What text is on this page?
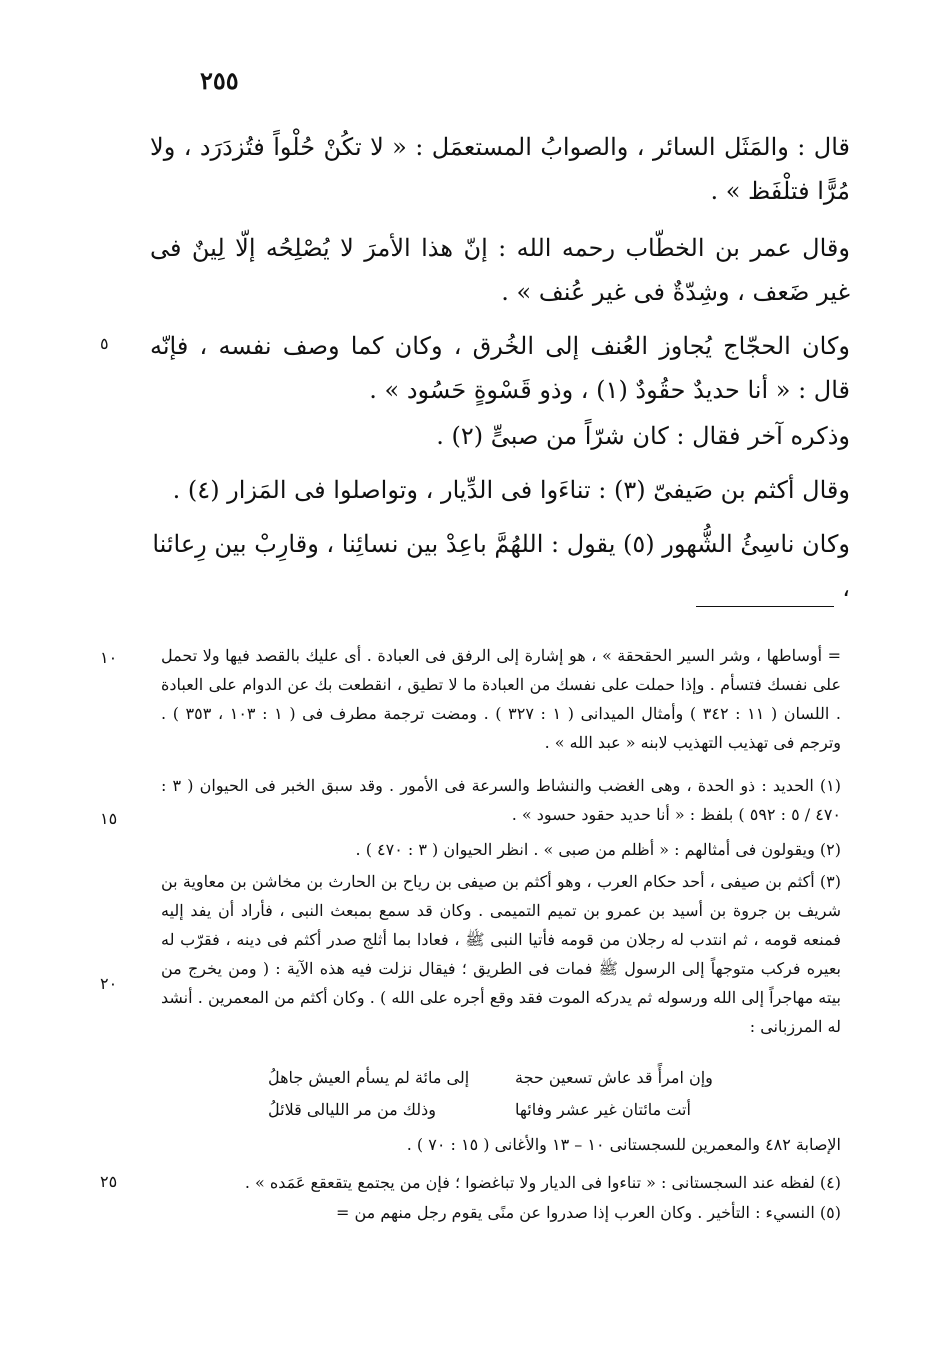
٢٥٥
قال : والمَثَل السائر ، والصوابُ المستعمَل : « لا تكُنْ حُلْواً فتُزدَرَد ، ولا مُرًّا فتلْفَظ » .
وقال عمر بن الخطّاب رحمه الله : إنّ هذا الأمرَ لا يُصْلِحُه إلّا لِينٌ فى غير ضَعف ، وشِدّةٌ فى غير عُنف » .
وكان الحجّاج يُجاوز العُنف إلى الخُرق ، وكان كما وصف نفسه ، فإنّه قال : « أنا حديدٌ حقُودٌ (١) ، وذو قَسْوةٍ حَسُود » .
وذكره آخر فقال : كان شرّاً من صبىٍّ (٢) .
وقال أكثم بن صَيفىّ (٣) : تناءَوا فى الدِّيار ، وتواصلوا فى المَزار (٤) .
وكان ناسِئُ الشُّهور (٥) يقول : اللهُمَّ باعِدْ بين نسائِنا ، وقارِبْ بين رِعائنا ،
٥
١٠
١٥
٢٠
٢٥
= أوساطها ، وشر السير الحقحقة » ، هو إشارة إلى الرفق فى العبادة . أى عليك بالقصد فيها ولا تحمل على نفسك فتسأم . وإذا حملت على نفسك من العبادة ما لا تطيق ، انقطعت بك عن الدوام على العبادة . اللسان ( ١١ : ٣٤٢ ) وأمثال الميدانى ( ١ : ٣٢٧ ) . ومضت ترجمة مطرف فى ( ١ : ١٠٣ ، ٣٥٣ ) . وترجم فى تهذيب التهذيب لابنه « عبد الله » .
(١) الحديد : ذو الحدة ، وهى الغضب والنشاط والسرعة فى الأمور . وقد سبق الخبر فى الحيوان ( ٣ : ٤٧٠ / ٥ : ٥٩٢ ) بلفظ : « أنا حديد حقود حسود » .
(٢) ويقولون فى أمثالهم : « أظلم من صبى » . انظر الحيوان ( ٣ : ٤٧٠ ) .
(٣) أكثم بن صيفى ، أحد حكام العرب ، وهو أكثم بن صيفى بن رياح بن الحارث بن مخاشن بن معاوية بن شريف بن جروة بن أسيد بن عمرو بن تميم التميمى . وكان قد سمع بمبعث النبى ، فأراد أن يفد إليه فمنعه قومه ، ثم انتدب له رجلان من قومه فأتيا النبى ﷺ ، فعادا بما أثلج صدر أكثم فى دينه ، فقرّب له بعيره فركب متوجهاً إلى الرسول ﷺ فمات فى الطريق ؛ فيقال نزلت فيه هذه الآية : ( ومن يخرج من بيته مهاجراً إلى الله ورسوله ثم يدركه الموت فقد وقع أجره على الله ) . وكان أكثم من المعمرين . أنشد له المرزبانى :
وإن امرأً قد عاش تسعين حجة
إلى مائة لم يسأم العيش جاهلُ
أتت مائتان غير عشر وفائها
وذلك من مر الليالى قلائلُ
الإصابة ٤٨٢ والمعمرين للسجستانى ١٠ – ١٣ والأغانى ( ١٥ : ٧٠ ) .
(٤) لفظه عند السجستانى : « تناءوا فى الديار ولا تباغضوا ؛ فإن من يجتمع يتقعقع عَمَده » .
(٥) النسيء : التأخير . وكان العرب إذا صدروا عن منًى يقوم رجل منهم من =
